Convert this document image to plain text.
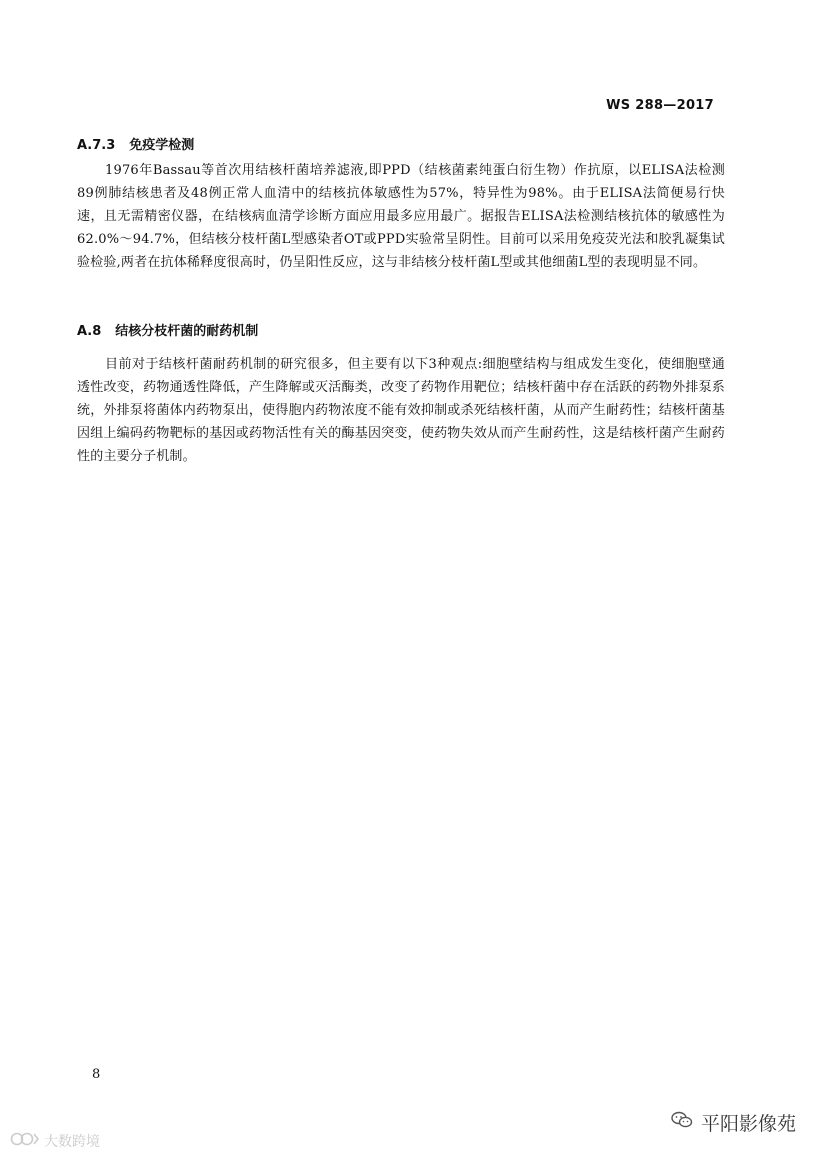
WS 288—2017
A.7.3 免疫学检测

1976年Bassau等首次用结核杆菌培养滤液,即PPD（结核菌素纯蛋白衍生物）作抗原，以ELISA法检测89例肺结核患者及48例正常人血清中的结核抗体敏感性为57%，特异性为98%。由于ELISA法简便易行快速，且无需精密仪器，在结核病血清学诊断方面应用最多应用最广。据报告ELISA法检测结核抗体的敏感性为62.0%～94.7%，但结核分枝杆菌L型感染者OT或PPD实验常呈阴性。目前可以采用免疫荧光法和胶乳凝集试验检验,两者在抗体稀释度很高时，仍呈阳性反应，这与非结核分枝杆菌L型或其他细菌L型的表现明显不同。

A.8 结核分枝杆菌的耐药机制

目前对于结核杆菌耐药机制的研究很多，但主要有以下3种观点:细胞壁结构与组成发生变化，使细胞壁通透性改变，药物通透性降低，产生降解或灭活酶类，改变了药物作用靶位；结核杆菌中存在活跃的药物外排泵系统，外排泵将菌体内药物泵出，使得胞内药物浓度不能有效抑制或杀死结核杆菌，从而产生耐药性；结核杆菌基因组上编码药物靶标的基因或药物活性有关的酶基因突变，使药物失效从而产生耐药性，这是结核杆菌产生耐药性的主要分子机制。

8
平阳影像苑
大数跨境
